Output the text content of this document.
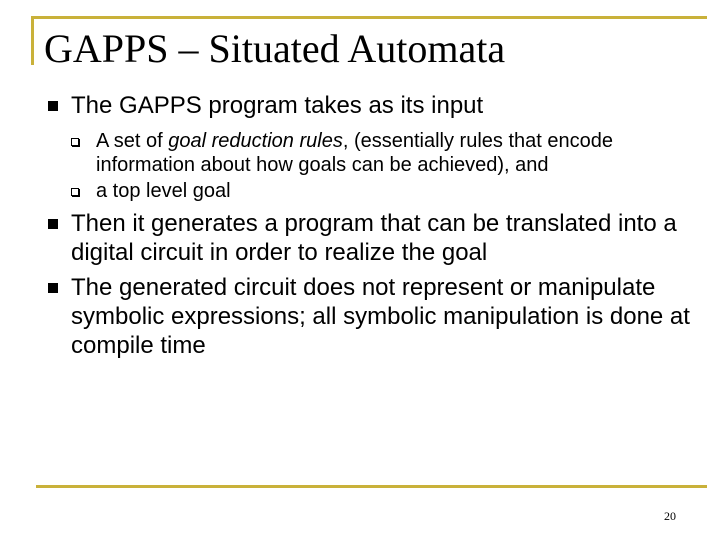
GAPPS – Situated Automata
The GAPPS program takes as its input
A set of goal reduction rules, (essentially rules that encode information about how goals can be achieved), and
a top level goal
Then it generates a program that can be translated into a digital circuit in order to realize the goal
The generated circuit does not represent or manipulate symbolic expressions; all symbolic manipulation is done at compile time
20
